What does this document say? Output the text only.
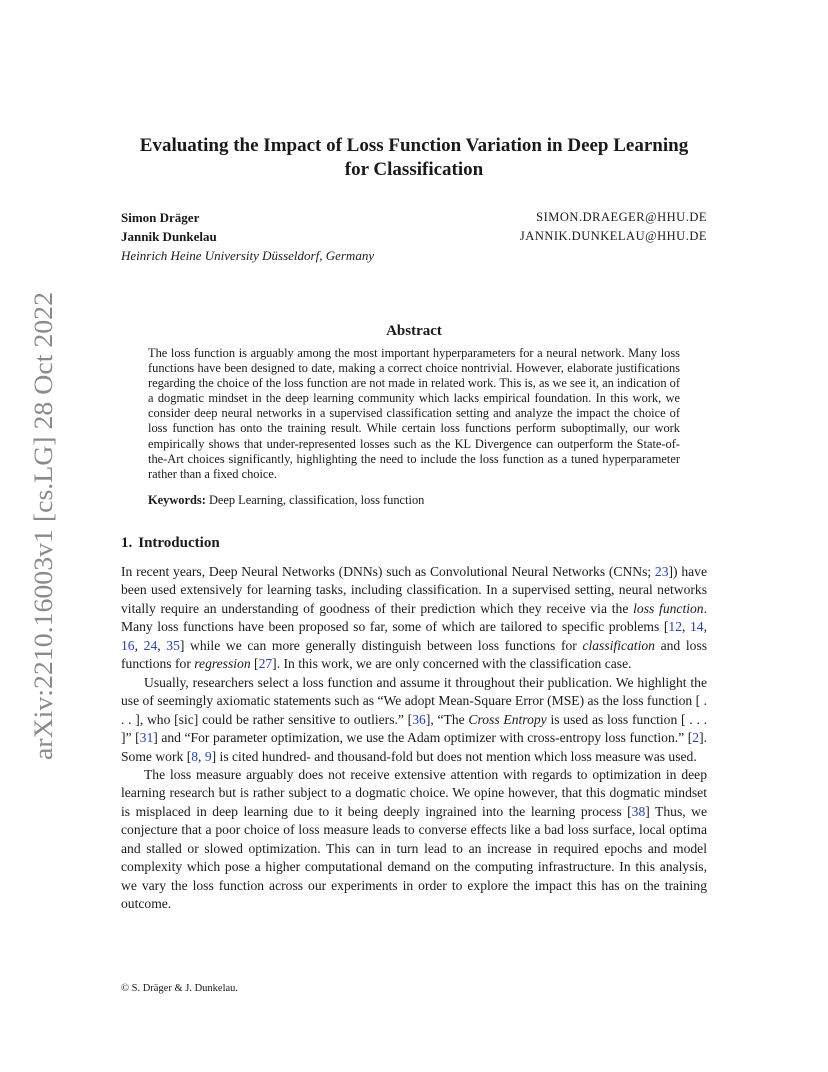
arXiv:2210.16003v1 [cs.LG] 28 Oct 2022
Evaluating the Impact of Loss Function Variation in Deep Learning
for Classification
Simon Dräger	SIMON.DRAEGER@HHU.DE
Jannik Dunkelau	JANNIK.DUNKELAU@HHU.DE
Heinrich Heine University Düsseldorf, Germany
Abstract
The loss function is arguably among the most important hyperparameters for a neural network. Many loss functions have been designed to date, making a correct choice nontrivial. However, elaborate justifications regarding the choice of the loss function are not made in related work. This is, as we see it, an indication of a dogmatic mindset in the deep learning community which lacks empirical foundation. In this work, we consider deep neural networks in a supervised classification setting and analyze the impact the choice of loss function has onto the training result. While certain loss functions perform suboptimally, our work empirically shows that under-represented losses such as the KL Divergence can outperform the State-of-the-Art choices significantly, highlighting the need to include the loss function as a tuned hyperparameter rather than a fixed choice.
Keywords: Deep Learning, classification, loss function
1. Introduction

In recent years, Deep Neural Networks (DNNs) such as Convolutional Neural Networks (CNNs; 23]) have been used extensively for learning tasks, including classification. In a supervised setting, neural networks vitally require an understanding of goodness of their prediction which they receive via the loss function. Many loss functions have been proposed so far, some of which are tailored to specific problems [12, 14, 16, 24, 35] while we can more generally distinguish between loss functions for classification and loss functions for regression [27]. In this work, we are only concerned with the classification case.

Usually, researchers select a loss function and assume it throughout their publication. We highlight the use of seemingly axiomatic statements such as “We adopt Mean-Square Error (MSE) as the loss function [ . . . ], who [sic] could be rather sensitive to outliers.” [36], “The Cross Entropy is used as loss function [ . . . ]” [31] and “For parameter optimization, we use the Adam optimizer with cross-entropy loss function.” [2]. Some work [8, 9] is cited hundred- and thousand-fold but does not mention which loss measure was used.

The loss measure arguably does not receive extensive attention with regards to optimization in deep learning research but is rather subject to a dogmatic choice. We opine however, that this dogmatic mindset is misplaced in deep learning due to it being deeply ingrained into the learning process [38] Thus, we conjecture that a poor choice of loss measure leads to converse effects like a bad loss surface, local optima and stalled or slowed optimization. This can in turn lead to an increase in required epochs and model complexity which pose a higher computational demand on the computing infrastructure. In this analysis, we vary the loss function across our experiments in order to explore the impact this has on the training outcome.

© S. Dräger & J. Dunkelau.
